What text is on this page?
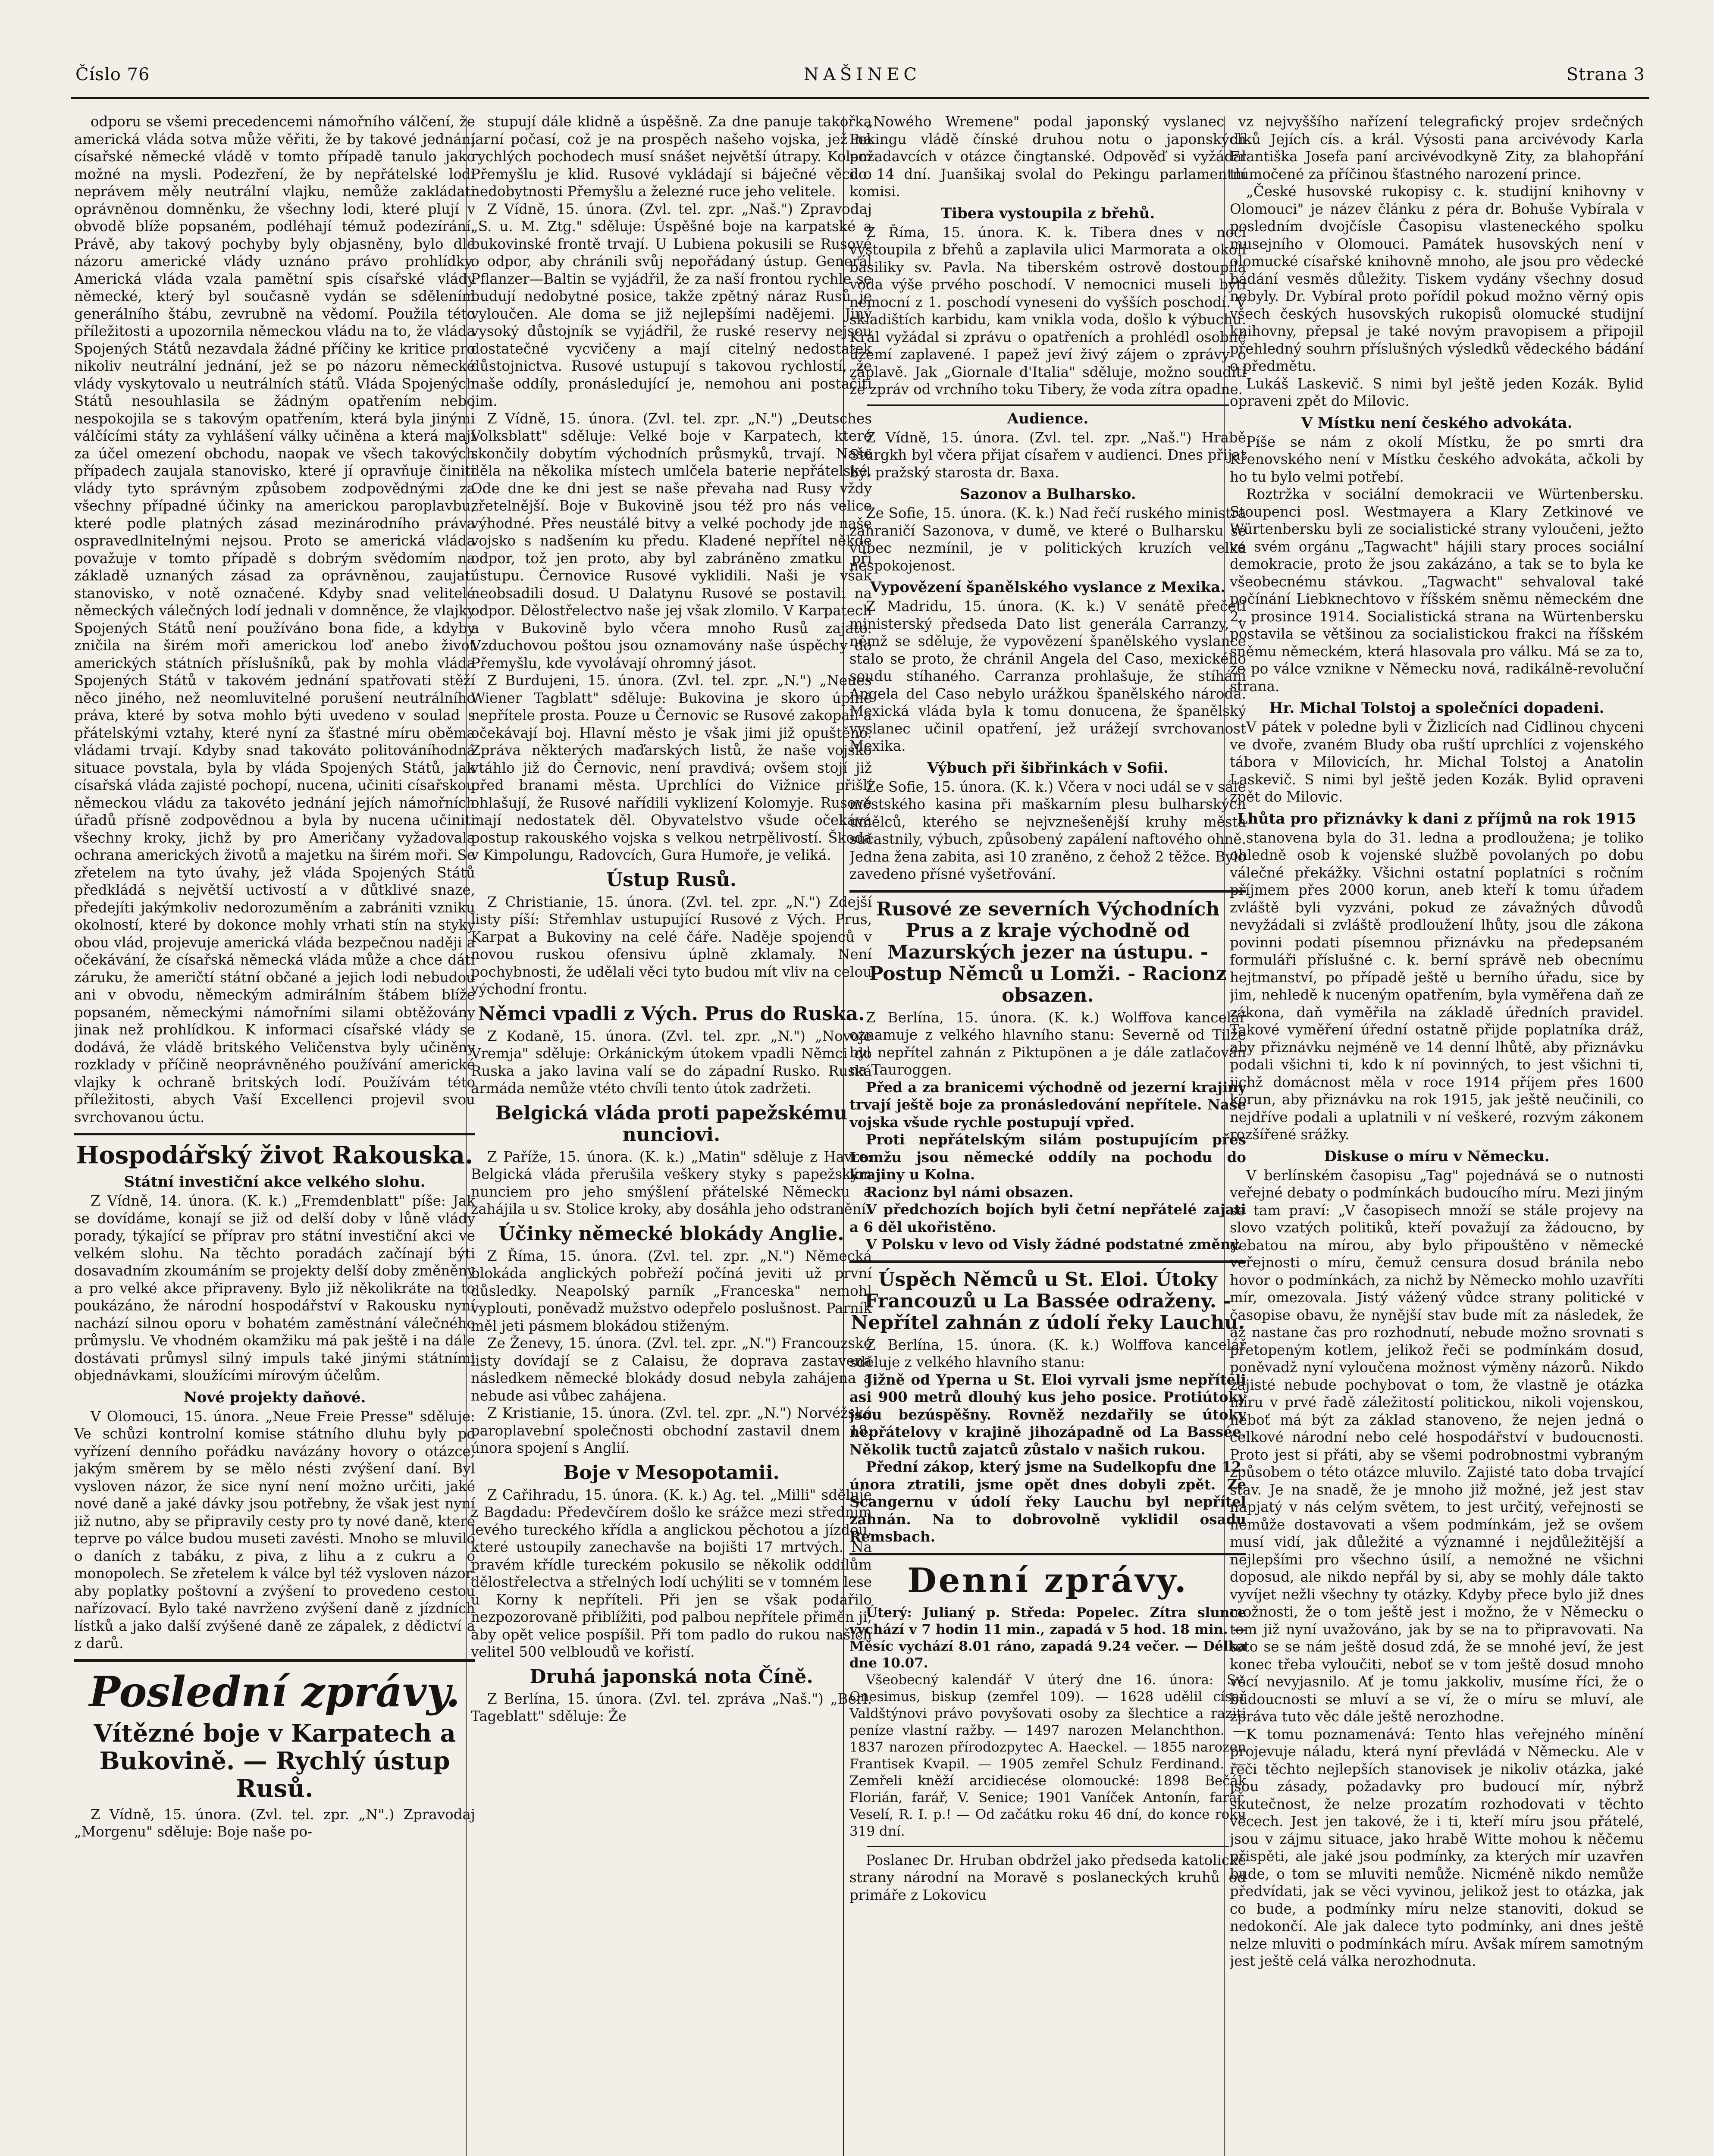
Číslo 76	NAŠINEC	Strana 3

odporu se všemi precedencemi námořního válčení, že americká vláda sotva může věřiti, že by takové jednání císařské německé vládě v tomto případě tanulo jako možné na mysli. Podezření, že by nepřátelské lodi neprávem měly neutrální vlajku, nemůže zakládati oprávněnou domněnku, že všechny lodi, které plují v obvodě blíže popsaném, podléhají témuž podezírání. Právě, aby takový pochyby byly objasněny, bylo dle názoru americké vlády uznáno právo prohlídky. Americká vláda vzala pamětní spis císařské vlády německé, který byl současně vydán se sdělením generálního štábu, zevrubně na vědomí. Použila této příležitosti a upozornila německou vládu na to, že vláda Spojených Států nezavdala žádné příčiny ke kritice pro nikoliv neutrální jednání, jež se po názoru německé vlády vyskytovalo u neutrálních států. Vláda Spojených Států nesouhlasila se žádným opatřením nebo nespokojila se s takovým opatřením, která byla jinými válčícími státy za vyhlášení války učiněna a která mají za účel omezení obchodu, naopak ve všech takových případech zaujala stanovisko, které jí opravňuje činiti vlády tyto správným způsobem zodpovědnými za všechny případné účinky na americkou paroplavbu, které podle platných zásad mezinárodního práva ospravedlnitelnými nejsou. Proto se americká vláda považuje v tomto případě s dobrým svědomím na základě uznaných zásad za oprávněnou, zaujati stanovisko, v notě označené. Kdyby snad velitelé německých válečných lodí jednali v domněnce, že vlajky Spojených Států není používáno bona fide, a kdyby zničila na širém moři americkou loď anebo život amerických státních příslušníků, pak by mohla vláda Spojených Států v takovém jednání spatřovati stěží něco jiného, než neomluvitelné porušení neutrálního práva, které by sotva mohlo býti uvedeno v soulad s přátelskými vztahy, které nyní za šťastné míru oběma vládami trvají. Kdyby snad takováto politováníhodná situace povstala, byla by vláda Spojených Států, jak císařská vláda zajisté pochopí, nucena, učiniti císařskou německou vládu za takovéto jednání jejích námořních úřadů přísně zodpovědnou a byla by nucena učiniti všechny kroky, jichž by pro Američany vyžadovala ochrana amerických životů a majetku na širém moři. Se zřetelem na tyto úvahy, jež vláda Spojených Států předkládá s největší uctivostí a v důtklivé snaze, předejíti jakýmkoliv nedorozuměním a zabrániti vzniku okolností, které by dokonce mohly vrhati stín na styky obou vlád, projevuje americká vláda bezpečnou naději a očekávání, že císařská německá vláda může a chce dáti záruku, že američtí státní občané a jejich lodi nebudou ani v obvodu, německým admirálním štábem blíže popsaném, německými námořními silami obtěžovány jinak než prohlídkou. K informaci císařské vlády se dodává, že vládě britského Veličenstva byly učiněny rozklady v příčině neoprávněného používání americké vlajky k ochraně britských lodí. Používám této příležitosti, abych Vaší Excellenci projevil svou svrchovanou úctu.

Hospodářský život Rakouska.
Státní investiční akce velkého slohu.

Z Vídně, 14. února. (K. k.) „Fremdenblatt" píše: Jak se dovídáme, konají se již od delší doby v lůně vlády porady, týkající se příprav pro státní investiční akci ve velkém slohu. Na těchto poradách začínají býti dosavadním zkoumáním se projekty delší doby změněny a pro velké akce připraveny. Bylo již několikráte na to poukázáno, že národní hospodářství v Rakousku nyní nachází silnou oporu v bohatém zaměstnání válečného průmyslu. Ve vhodném okamžiku má pak ještě i na dále dostávati průmysl silný impuls také jinými státními objednávkami, sloužícími mírovým účelům.

Nové projekty daňové.

V Olomouci, 15. února. „Neue Freie Presse" sděluje: Ve schůzi kontrolní komise státního dluhu byly po vyřízení denního pořádku navázány hovory o otázce, jakým směrem by se mělo nésti zvýšení daní. Byl vysloven názor, že sice nyní není možno určiti, jaké nové daně a jaké dávky jsou potřebny, že však jest nyní již nutno, aby se připravily cesty pro ty nové daně, které teprve po válce budou museti zavésti. Mnoho se mluvilo o daních z tabáku, z piva, z lihu a z cukru a o monopolech. Se zřetelem k válce byl též vysloven názor, aby poplatky poštovní a zvýšení to provedeno cestou nařízovací. Bylo také navrženo zvýšení daně z jízdních lístků a jako další zvýšené daně ze zápalek, z dědictví a z darů.

Poslední zprávy.
Vítězné boje v Karpatech a Bukovině. — Rychlý ústup Rusů.

Z Vídně, 15. února. (Zvl. tel. zpr. „N".) Zpravodaj „Morgenu" sděluje: Boje naše po-

stupují dále klidně a úspěšně. Za dne panuje takořka jarní počasí, což je na prospěch našeho vojska, jež na rychlých pochodech musí snášet největší útrapy. Kolem Přemyšlu je klid. Rusové vykládají si báječné věci o nedobytnosti Přemyšlu a železné ruce jeho velitele.

Z Vídně, 15. února. (Zvl. tel. zpr. „Naš.") Zpravodaj „S. u. M. Ztg." sděluje: Úspěšné boje na karpatské a bukovinské frontě trvají. U Lubiena pokusili se Rusové o odpor, aby chránili svůj nepořádaný ústup. Generál Pflanzer—Baltin se vyjádřil, že za naší frontou rychle se budují nedobytné posice, takže zpětný náraz Rusů je vyloučen. Ale doma se již nejlepšími nadějemi. Jiný vysoký důstojník se vyjádřil, že ruské reservy nejsou dostatečné vycvičeny a mají citelný nedostatek důstojnictva. Rusové ustupují s takovou rychlostí, že naše oddíly, pronásledující je, nemohou ani postačiti jim.

Z Vídně, 15. února. (Zvl. tel. zpr. „N.") „Deutsches Volksblatt" sděluje: Velké boje v Karpatech, které skončily dobytím východních průsmyků, trvají. Naše děla na několika místech umlčela baterie nepřátelské. Ode dne ke dni jest se naše převaha nad Rusy vždy zřetelnější. Boje v Bukovině jsou též pro nás velice výhodné. Přes neustálé bitvy a velké pochody jde naše vojsko s nadšením ku předu. Kladené nepřítel někde odpor, tož jen proto, aby byl zabráněno zmatku při ústupu. Černovice Rusové vyklidili. Naši je však neobsadili dosud. U Dalatynu Rusové se postavili na odpor. Dělostřelectvo naše jej však zlomilo. V Karpatech a v Bukovině bylo včera mnoho Rusů zajato. Vzduchovou poštou jsou oznamovány naše úspěchy do Přemyšlu, kde vyvolávají ohromný jásot.

Z Burdujeni, 15. února. (Zvl. tel. zpr. „N.") „Neues Wiener Tagblatt" sděluje: Bukovina je skoro úplně nepřítele prosta. Pouze u Černovic se Rusové zakopali a očekávají boj. Hlavní město je však jimi již opuštěno. Zpráva některých maďarských listů, že naše vojsko vtáhlo již do Černovic, není pravdivá; ovšem stojí již před branami města. Uprchlíci do Vižnice přišlí ohlašují, že Rusové nařídili vyklizení Kolomyje. Rusové mají nedostatek děl. Obyvatelstvo všude očekává postup rakouského vojska s velkou netrpělivostí. Škoda v Kimpolungu, Radovcích, Gura Humoře, je veliká.

Ústup Rusů.

Z Christianie, 15. února. (Zvl. tel. zpr. „N.") Zdejší listy píší: Střemhlav ustupující Rusové z Vých. Prus, Karpat a Bukoviny na celé čáře. Naděje spojenců v novou ruskou ofensivu úplně zklamaly. Není pochybnosti, že udělali věci tyto budou mít vliv na celou východní frontu.

Němci vpadli z Vých. Prus do Ruska.

Z Kodaně, 15. února. (Zvl. tel. zpr. „N.") „Novoje Vremja" sděluje: Orkánickým útokem vpadli Němci do Ruska a jako lavina valí se do západní Rusko. Ruská armáda nemůže vtéto chvíli tento útok zadržeti.

Belgická vláda proti papežskému nunciovi.

Z Paříže, 15. února. (K. k.) „Matin" sděluje z Havre: Belgická vláda přerušila veškery styky s papežským nunciem pro jeho smýšlení přátelské Německu a zahájila u sv. Stolice kroky, aby dosáhla jeho odstranění.

Účinky německé blokády Anglie.

Z Říma, 15. února. (Zvl. tel. zpr. „N.") Německá blokáda anglických pobřeží počíná jeviti už první důsledky. Neapolský parník „Franceska" nemohl vyplouti, poněvadž mužstvo odepřelo poslušnost. Parník měl jeti pásmem blokádou stiženým.

Ze Ženevy, 15. února. (Zvl. tel. zpr. „N.") Francouzské listy dovídají se z Calaisu, že doprava zastavena následkem německé blokády dosud nebyla zahájena a nebude asi vůbec zahájena.

Z Kristianie, 15. února. (Zvl. tel. zpr. „N.") Norvéžské paroplavební společnosti obchodní zastavil dnem 18. února spojení s Anglií.

Boje v Mesopotamii.

Z Cařihradu, 15. února. (K. k.) Ag. tel. „Milli" sděluje z Bagdadu: Předevčírem došlo ke srážce mezi středním levého tureckého křídla a anglickou pěchotou a jízdou, které ustoupily zanechavše na bojišti 17 mrtvých. Na pravém křídle tureckém pokusilo se několik oddílům dělostřelectva a střelných lodí uchýliti se v tomném lese u Korny k nepříteli. Při jen se však podařilo nezpozorovaně přiblížiti, pod palbou nepřítele přiměn ji, aby opět velice pospíšil. Při tom padlo do rukou našich velitel 500 velbloudů ve kořistí.

Druhá japonská nota Číně.

Z Berlína, 15. února. (Zvl. tel. zpráva „Naš.") „Berl. Tageblatt" sděluje: Že

„Nowého Wremene" podal japonský vyslanec v Pekingu vládě čínské druhou notu o japonských požadavcích v otázce čingtanské. Odpověď si vyžádal do 14 dní. Juanšikaj svolal do Pekingu parlamentní komisi.

Tibera vystoupila z břehů.

Z Říma, 15. února. K. k. Tibera dnes v noci vystoupila z břehů a zaplavila ulici Marmorata a okolí basiliky sv. Pavla. Na tiberském ostrově dostoupila voda výše prvého poschodí. V nemocnici museli býti nemocní z 1. poschodí vyneseni do vyšších poschodí. V skladištích karbidu, kam vnikla voda, došlo k výbuchu. Král vyžádal si zprávu o opatřeních a prohlédl osobně území zaplavené. I papež jeví živý zájem o zprávy o záplavě. Jak „Giornale d'Italia" sděluje, možno souditi ze zpráv od vrchního toku Tibery, že voda zítra opadne.

Audience.

Z Vídně, 15. února. (Zvl. tel. zpr. „Naš.") Hrabě Stürgkh byl včera přijat císařem v audienci. Dnes přijat byl pražský starosta dr. Baxa.

Sazonov a Bulharsko.

Ze Sofie, 15. února. (K. k.) Nad řečí ruského ministra zahraničí Sazonova, v dumě, ve které o Bulharsku se vůbec nezmínil, je v politických kruzích velká nespokojenost.

Vypovězení španělského vyslance z Mexika.

Z Madridu, 15. února. (K. k.) V senátě přečetl ministerský předseda Dato list generála Carranzy, v němž se sděluje, že vypovězení španělského vyslance stalo se proto, že chránil Angela del Caso, mexického soudu stíhaného. Carranza prohlašuje, že stíhání Angela del Caso nebylo urážkou španělského národa. Mexická vláda byla k tomu donucena, že španělský vyslanec učinil opatření, jež urážejí svrchovanost Mexika.

Výbuch při šibřinkách v Sofii.

Ze Sofie, 15. února. (K. k.) Včera v noci udál se v sále městského kasina při maškarním plesu bulharských umělců, kterého se nejvznešenější kruhy města súčastnily, výbuch, způsobený zapálení naftového ohně. Jedna žena zabita, asi 10 zraněno, z čehož 2 těžce. Bylo zavedeno přísné vyšetřování.

Rusové ze severních Východních Prus a z kraje východně od Mazurských jezer na ústupu. - Postup Němců u Lomži. - Racionz obsazen.

Z Berlína, 15. února. (K. k.) Wolffova kancelář oznamuje z velkého hlavního stanu: Severně od Tilže byl nepřítel zahnán z Piktupönen a je dále zatlačován na Tauroggen.

Před a za branicemi východně od jezerní krajiny trvají ještě boje za pronásledování nepřítele. Naše vojska všude rychle postupují vpřed.

Proti nepřátelským silám postupujícím přes Lomžu jsou německé oddíly na pochodu do krajiny u Kolna.

Racionz byl námi obsazen.

V předchozích bojích byli četní nepřátelé zajati a 6 děl ukořistěno.

V Polsku v levo od Visly žádné podstatné změny.

Úspěch Němců u St. Eloi. Útoky Francouzů u La Bassée odraženy. - Nepřítel zahnán z údolí řeky Lauchu.

Z Berlína, 15. února. (K. k.) Wolffova kancelář sděluje z velkého hlavního stanu:

Jižně od Yperna u St. Eloi vyrvali jsme nepříteli asi 900 metrů dlouhý kus jeho posice. Protiútoky jsou bezúspěšny. Rovněž nezdařily se útoky nepřátelovy v krajině jihozápadně od La Bassée. Několik tuctů zajatců zůstalo v našich rukou.

Přední zákop, který jsme na Sudelkopfu dne 12. února ztratili, jsme opět dnes dobyli zpět. Ze Scangernu v údolí řeky Lauchu byl nepřítel zahnán. Na to dobrovolně vyklidil osadu Remsbach.

Denní zprávy.

Úterý: Julianý p. Středa: Popelec. Zítra slunce vychází v 7 hodin 11 min., zapadá v 5 hod. 18 min. — Měsíc vychází 8.01 ráno, zapadá 9.24 večer. — Délka dne 10.07.

Všeobecný kalendář V úterý dne 16. února: Sv. Onesimus, biskup (zemřel 109). — 1628 udělil císař Valdštýnovi právo povyšovati osoby za šlechtice a raziti peníze vlastní ražby. — 1497 narozen Melanchthon. — 1837 narozen přírodozpytec A. Haeckel. — 1855 narozen Frantisek Kvapil. — 1905 zemřel Schulz Ferdinand. — Zemřeli kněží arcidiecése olomoucké: 1898 Bečák Florián, farář, V. Senice; 1901 Vaníček Antonín, farář, Veselí, R. I. p.! — Od začátku roku 46 dní, do konce roku 319 dní.

Poslanec Dr. Hruban obdržel jako předseda katolické strany národní na Moravě s poslaneckých kruhů od primáře z Lokovicu

z nejvyššího nařízení telegrafický projev srdečných díků Jejích cís. a král. Výsosti pana arcivévody Karla Františka Josefa paní arcivévodkyně Zity, za blahopřání tlumočené za příčinou šťastného narození prince.

„České husovské rukopisy c. k. studijní knihovny v Olomouci" je název článku z péra dr. Bohuše Vybírala v posledním dvojčísle Časopisu vlasteneckého spolku musejního v Olomouci. Památek husovských není v olomucké císařské knihovně mnoho, ale jsou pro vědecké bádání vesměs důležity. Tiskem vydány všechny dosud nebyly. Dr. Vybíral proto pořídil pokud možno věrný opis všech českých husovských rukopisů olomucké studijní knihovny, přepsal je také novým pravopisem a připojil přehledný souhrn příslušných výsledků vědeckého bádání o předmětu.

Lukáš Laskevič. S nimi byl ještě jeden Kozák. Bylid opraveni zpět do Milovic.

V Místku není českého advokáta.

Píše se nám z okolí Místku, že po smrti dra Křenovského není v Místku českého advokáta, ačkoli by ho tu bylo velmi potřebí.

Roztržka v sociální demokracii ve Würtenbersku. Stoupenci posl. Westmayera a Klary Zetkinové ve Würtenbersku byli ze socialistické strany vyloučeni, ježto ve svém orgánu „Tagwacht" hájili stary proces sociální demokracie, proto že jsou zakázáno, a tak se to byla ke všeobecnému stávkou. „Tagwacht" sehvaloval také počínání Liebknechtovo v říšském sněmu německém dne 2. prosince 1914. Socialistická strana na Würtenbersku postavila se většinou za socialistickou frakci na říšském sněmu německém, která hlasovala pro válku. Má se za to, že po válce vznikne v Německu nová, radikálně-revoluční strana.

Hr. Michal Tolstoj a společníci dopadeni.

V pátek v poledne byli v Žizlicích nad Cidlinou chyceni ve dvoře, zvaném Bludy oba ruští uprchlíci z vojenského tábora v Milovicích, hr. Michal Tolstoj a Anatolin Laskevič. S nimi byl ještě jeden Kozák. Bylid opraveni zpět do Milovic.

Lhůta pro přiznávky k dani z příjmů na rok 1915

stanovena byla do 31. ledna a prodloužena; je toliko ohledně osob k vojenské službě povolaných po dobu válečné překážky. Všichni ostatní poplatníci s ročním příjmem přes 2000 korun, aneb kteří k tomu úřadem zvláště byli vyzváni, pokud ze závažných důvodů nevyžádali si zvláště prodloužení lhůty, jsou dle zákona povinni podati písemnou přiznávku na předepsaném formuláři příslušné c. k. berní správě neb obecnímu hejtmanství, po případě ještě u berního úřadu, sice by jim, nehledě k nuceným opatřením, byla vyměřena daň ze zákona, daň vyměřila na základě úředních pravidel. Takové vyměření úřední ostatně přijde poplatníka dráž, aby přiznávku nejméně ve 14 denní lhůtě, aby přiznávku podali všichni ti, kdo k ní povinných, to jest všichni ti, jichž domácnost měla v roce 1914 příjem přes 1600 korun, aby přiznávku na rok 1915, jak ještě neučinili, co nejdříve podali a uplatnili v ní veškeré, rozvým zákonem rozšířené srážky.

Diskuse o míru v Německu.

V berlínském časopisu „Tag" pojednává se o nutnosti veřejné debaty o podmínkách budoucího míru. Mezi jiným se tam praví: „V časopisech množí se stále projevy na slovo vzatých politiků, kteří považují za žádoucno, by debatou na mírou, aby bylo připouštěno v německé veřejnosti o míru, čemuž censura dosud bránila nebo hovor o podmínkách, za nichž by Německo mohlo uzavříti mír, omezovala. Jistý vážený vůdce strany politické v časopise obavu, že nynější stav bude mít za následek, že až nastane čas pro rozhodnutí, nebude možno srovnati s přetopeným kotlem, jelikož řeči se podmínkám dosud, poněvadž nyní vyloučena možnost výměny názorů. Nikdo zajisté nebude pochybovat o tom, že vlastně je otázka míru v prvé řadě záležitostí politickou, nikoli vojenskou, neboť má být za základ stanoveno, že nejen jedná o celkové národní nebo celé hospodářství v budoucnosti. Proto jest si přáti, aby se všemi podrobnostmi vybraným způsobem o této otázce mluvilo. Zajisté tato doba trvající stav. Je na snadě, že je mnoho již možné, jež jest stav napjatý v nás celým světem, to jest určitý, veřejnosti se nemůže dostavovati a všem podmínkám, jež se ovšem musí vidí, jak důležité a významné i nejdůležitější a nejlepšími pro všechno úsilí, a nemožné ne všichni doposud, ale nikdo nepřál by si, aby se mohly dále takto vyvíjet nežli všechny ty otázky. Kdyby přece bylo již dnes možnosti, že o tom ještě jest i možno, že v Německu o tom již nyní uvažováno, jak by se na to připravovati. Na toto se se nám ještě dosud zdá, že se mnohé jeví, že jest konec třeba vyloučiti, neboť se v tom ještě dosud mnoho věcí nevyjasnilo. Ať je tomu jakkoliv, musíme říci, že o budoucnosti se mluví a se ví, že o míru se mluví, ale zpráva tuto věc dále ještě nerozhodne.

K tomu poznamenává: Tento hlas veřejného mínění projevuje náladu, která nyní převládá v Německu. Ale v řeči těchto nejlepších stanovisek je nikoliv otázka, jaké jsou zásady, požadavky pro budoucí mír, nýbrž skutečnost, že nelze prozatím rozhodovati v těchto věcech. Jest jen takové, že i ti, kteří míru jsou přátelé, jsou v zájmu situace, jako hrabě Witte mohou k něčemu přispěti, ale jaké jsou podmínky, za kterých mír uzavřen bude, o tom se mluviti nemůže. Nicméně nikdo nemůže předvídati, jak se věci vyvinou, jelikož jest to otázka, jak co bude, a podmínky míru nelze stanoviti, dokud se nedokončí. Ale jak dalece tyto podmínky, ani dnes ještě nelze mluviti o podmínkách míru. Avšak mírem samotným jest ještě celá válka nerozhodnuta.
